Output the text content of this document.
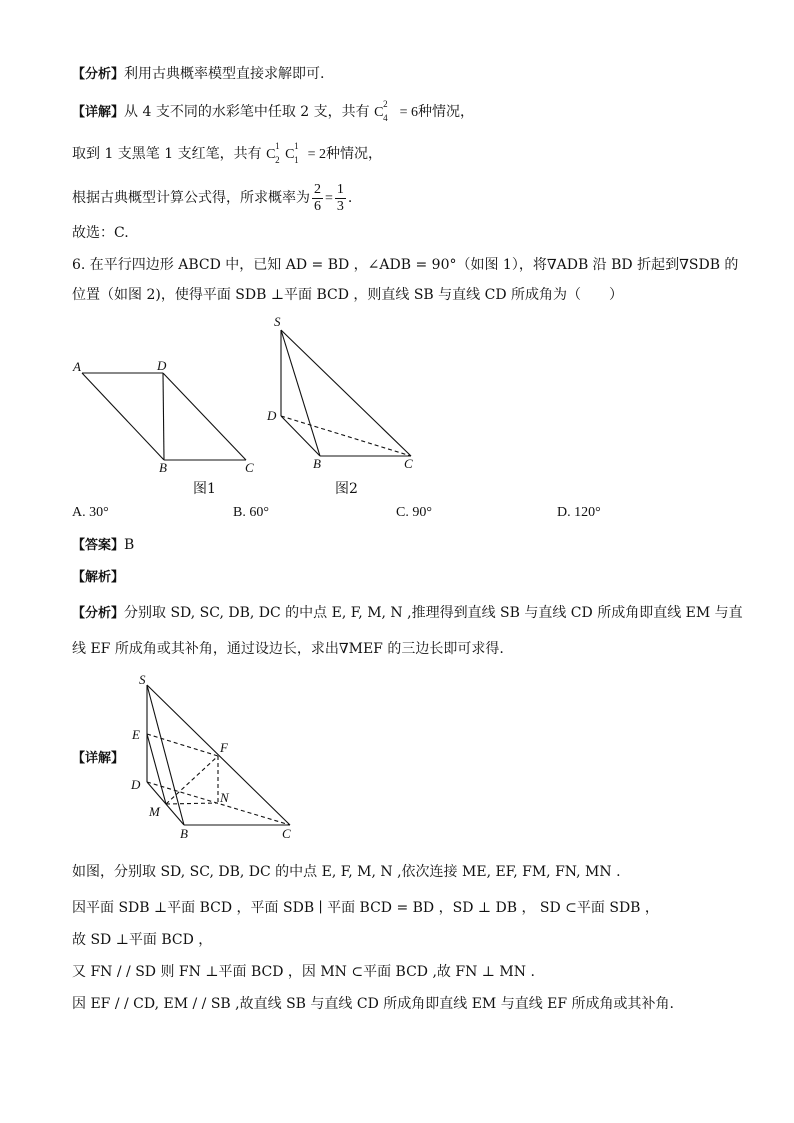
【分析】利用古典概率模型直接求解即可.
【详解】从 4 支不同的水彩笔中任取 2 支，共有 C
2
4 = 6种情况，
取到 1 支黑笔 1 支红笔，共有 C
1
2 C
1
1 = 2种情况，
根据古典概型计算公式得，所求概率为 $\frac{2}{6} = \frac{1}{3}$ .
故选：C.
6. 在平行四边形 ABCD 中，已知 AD = BD ，∠ADB = 90°（如图 1），将∇ADB 沿 BD 折起到∇SDB 的
位置（如图 2)，使得平面 SDB ⊥平面 BCD ，则直线 SB 与直线 CD 所成角为（　　）
A	D
B	C
S
D
B	C
S
E
F
D
N
M
B	C
图1	图2
A. 30°	B. 60°	C. 90°	D. 120°
【答案】B
【解析】
【分析】分别取 SD, SC, DB, DC 的中点 E, F, M, N ,推理得到直线 SB 与直线 CD 所成角即直线 EM 与直
线 EF 所成角或其补角，通过设边长，求出∇MEF 的三边长即可求得.
【详解】
如图，分别取 SD, SC, DB, DC 的中点 E, F, M, N ,依次连接 ME, EF, FM, FN, MN .
因平面 SDB ⊥平面 BCD ，平面 SDB ∣ 平面 BCD = BD ，SD ⊥ DB ， SD ⊂平面 SDB ，
故 SD ⊥平面 BCD ，
又 FN / / SD 则 FN ⊥平面 BCD ，因 MN ⊂平面 BCD ,故 FN ⊥ MN .
因 EF / / CD, EM / / SB ,故直线 SB 与直线 CD 所成角即直线 EM 与直线 EF 所成角或其补角.
